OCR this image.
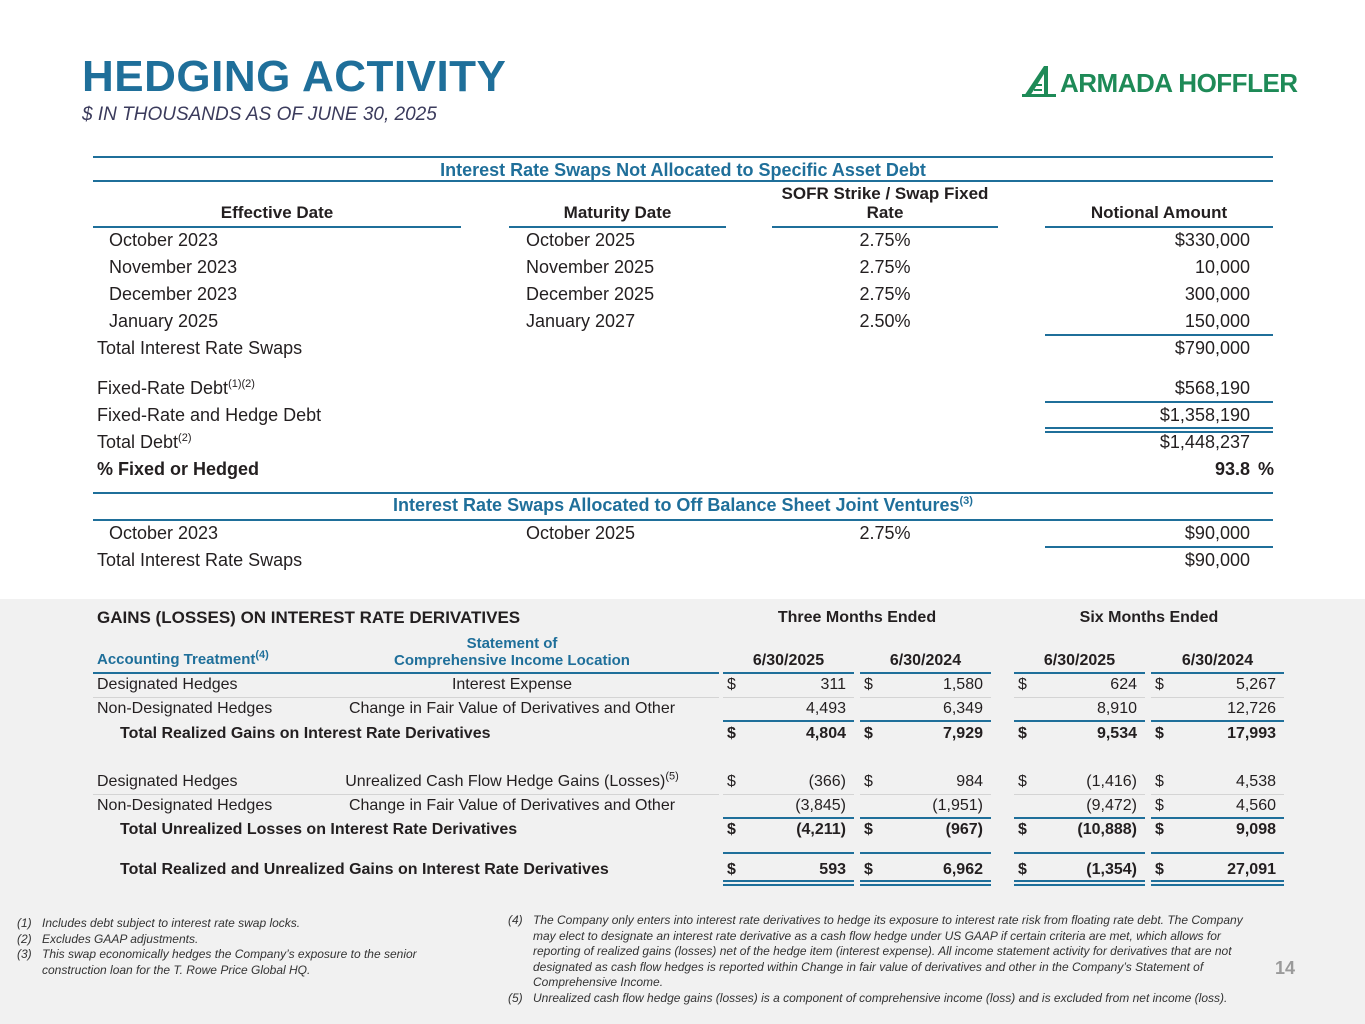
HEDGING ACTIVITY
$ IN THOUSANDS AS OF JUNE 30, 2025
ARMADA HOFFLER
Interest Rate Swaps Not Allocated to Specific Asset Debt
Effective Date	Maturity Date
SOFR Strike / Swap Fixed
Rate	Notional Amount
October 2023	October 2025	2.75%	$330,000
November 2023	November 2025	2.75%	10,000
December 2023	December 2025	2.75%	300,000
January 2025	January 2027	2.50%	150,000
Total Interest Rate Swaps	$790,000
Fixed-Rate Debt$^{(1)(2)}$	$568,190
Fixed-Rate and Hedge Debt	$1,358,190
Total Debt$^{(2)}$	$1,448,237
% Fixed or Hedged	93.8 %
Interest Rate Swaps Allocated to Off Balance Sheet Joint Ventures$^{(3)}$
October 2023	October 2025	2.75%	$90,000
Total Interest Rate Swaps	$90,000
GAINS (LOSSES) ON INTEREST RATE DERIVATIVES	Three Months Ended	Six Months Ended
Accounting Treatment$^{(4)}$
Statement of
Comprehensive Income Location	6/30/2025	6/30/2024	6/30/2025	6/30/2024
Designated Hedges	Interest Expense	$	311 $	1,580 $	624 $	5,267
Non-Designated Hedges	Change in Fair Value of Derivatives and Other	4,493	6,349	8,910	12,726
Total Realized Gains on Interest Rate Derivatives	$	4,804 $	7,929 $	9,534 $	17,993
Designated Hedges	Unrealized Cash Flow Hedge Gains (Losses)$^{(5)}$	$	(366) $	984 $	(1,416) $	4,538
Non-Designated Hedges	Change in Fair Value of Derivatives and Other	(3,845)	(1,951)	(9,472) $	4,560
Total Unrealized Losses on Interest Rate Derivatives	$	(4,211) $	(967) $	(10,888) $	9,098
Total Realized and Unrealized Gains on Interest Rate Derivatives	$	593 $	6,962 $	(1,354) $	27,091
(1) Includes debt subject to interest rate swap locks.
(2) Excludes GAAP adjustments.
(3) This swap economically hedges the Company’s exposure to the senior construction loan for the T. Rowe Price Global HQ.
(4) The Company only enters into interest rate derivatives to hedge its exposure to interest rate risk from floating rate debt. The Company may elect to designate an interest rate derivative as a cash flow hedge under US GAAP if certain criteria are met, which allows for reporting of realized gains (losses) net of the hedge item (interest expense). All income statement activity for derivatives that are not designated as cash flow hedges is reported within Change in fair value of derivatives and other in the Company’s Statement of Comprehensive Income.
(5) Unrealized cash flow hedge gains (losses) is a component of comprehensive income (loss) and is excluded from net income (loss).
14
